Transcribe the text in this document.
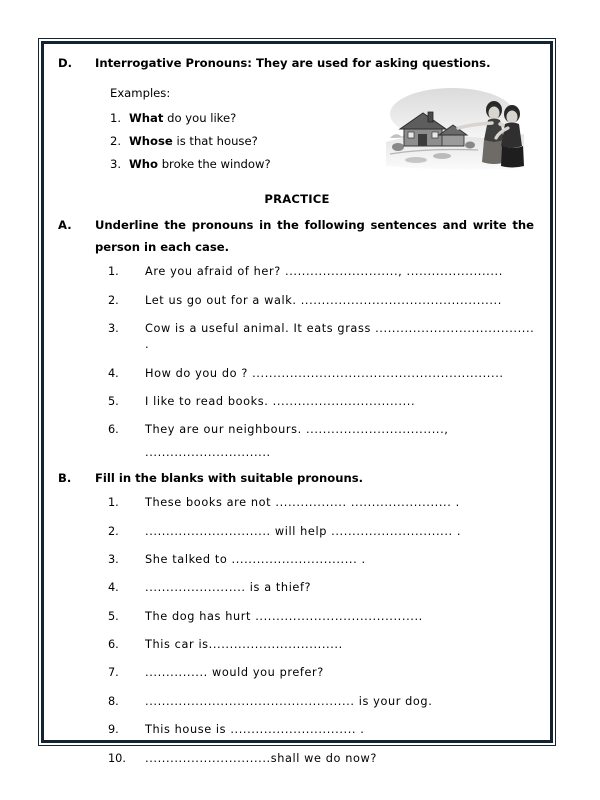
D.	Interrogative Pronouns: They are used for asking questions.
Examples:
1. What do you like?
2. Whose is that house?
3. Who broke the window?
PRACTICE
A.	Underline the pronouns in the following sentences and write the
person in each case.
1.	Are you afraid of her? ..........................., .......................
2.	Let us go out for a walk. ................................................
3.	Cow is a useful animal. It eats grass ...................................... .
4.	How do you do ? ............................................................
5.	I like to read books. ..................................
6.	They are our neighbours. .................................,
..............................
B.	Fill in the blanks with suitable pronouns.
1.	These books are not ................. ........................ .
2.	.............................. will help ............................. .
3.	She talked to .............................. .
4.	........................ is a thief?
5.	The dog has hurt ........................................
6.	This car is................................
7.	............... would you prefer?
8.	.................................................. is your dog.
9.	This house is .............................. .
10.	..............................shall we do now?
